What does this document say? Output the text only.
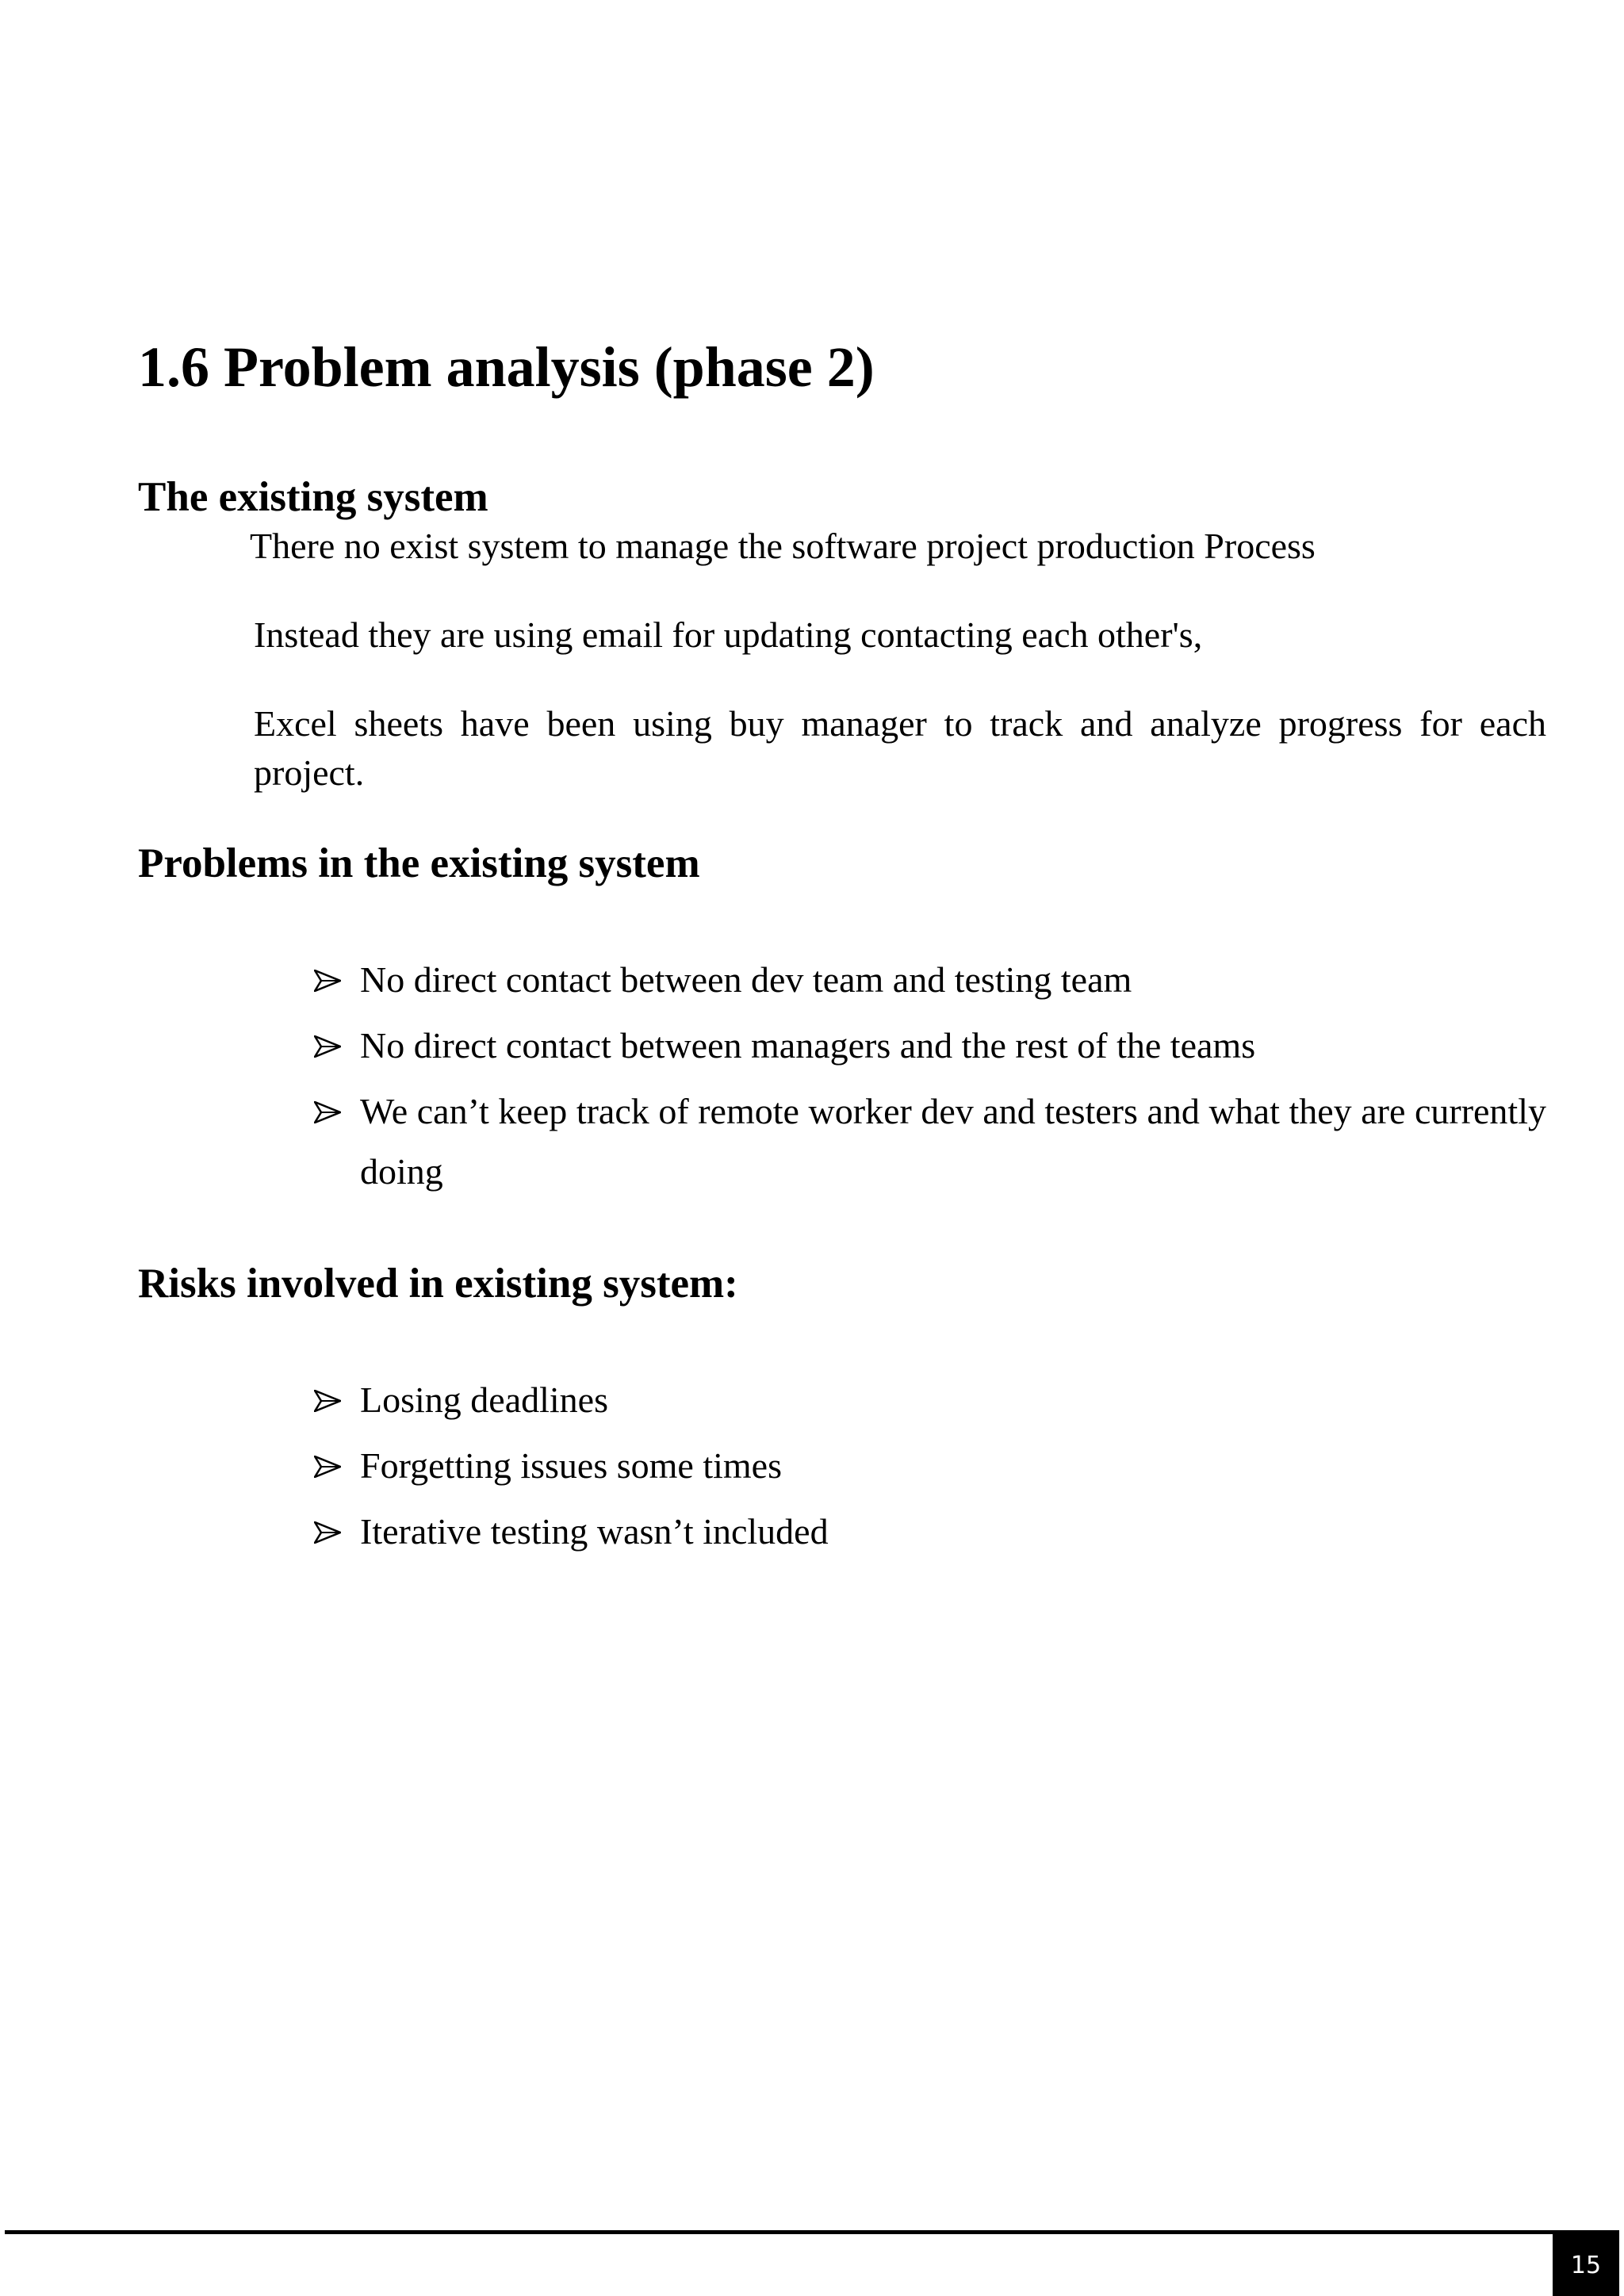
1.6 Problem analysis (phase 2)
The existing system

There no exist system to manage the software project production Process

Instead they are using email for updating contacting each other's,

Excel sheets have been using buy manager to track and analyze progress for each project.

Problems in the existing system
No direct contact between dev team and testing team
No direct contact between managers and the rest of the teams
We can’t keep track of remote worker dev and testers and what they are currently doing
Risks involved in existing system:
Losing deadlines
Forgetting issues some times
Iterative testing wasn’t included
15
